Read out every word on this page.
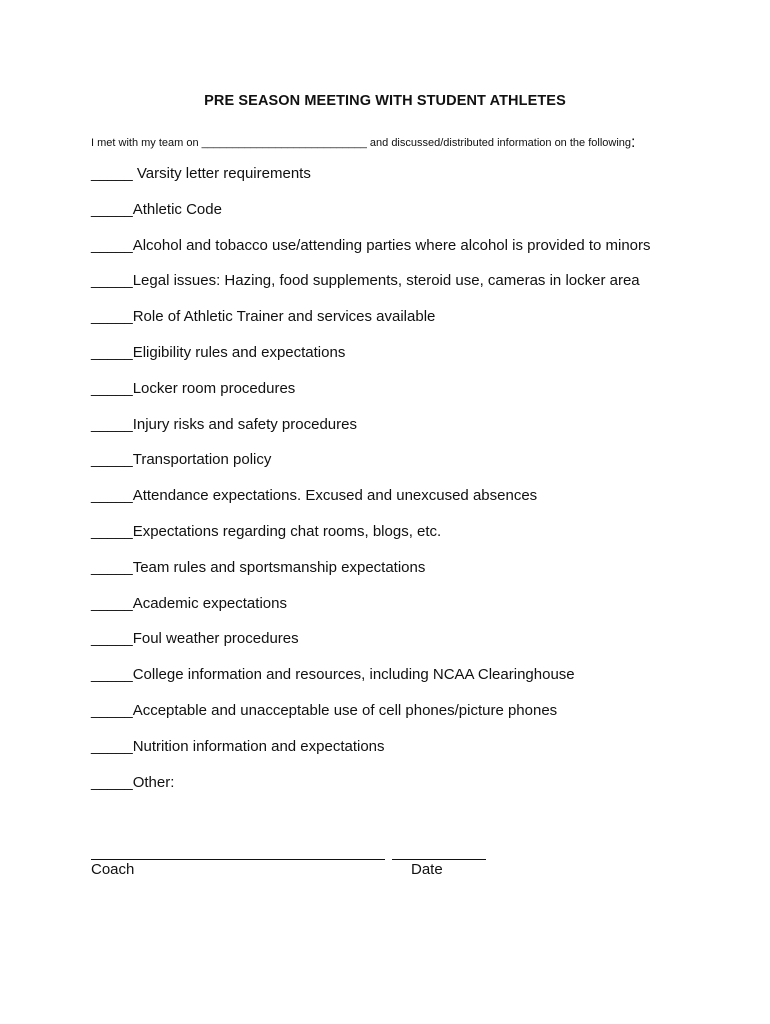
PRE SEASON MEETING WITH STUDENT ATHLETES
I met with my team on ___________________________ and discussed/distributed information on the following:
_____ Varsity letter requirements
_____Athletic Code
_____Alcohol and tobacco use/attending parties where alcohol is provided to minors
_____Legal issues: Hazing, food supplements, steroid use, cameras in locker area
_____Role of Athletic Trainer and services available
_____Eligibility rules and expectations
_____Locker room procedures
_____Injury risks and safety procedures
_____Transportation policy
_____Attendance expectations. Excused and unexcused absences
_____Expectations regarding chat rooms, blogs, etc.
_____Team rules and sportsmanship expectations
_____Academic expectations
_____Foul weather procedures
_____College information and resources, including NCAA Clearinghouse
_____Acceptable and unacceptable use of cell phones/picture phones
_____Nutrition information and expectations
_____Other:
Coach	Date
